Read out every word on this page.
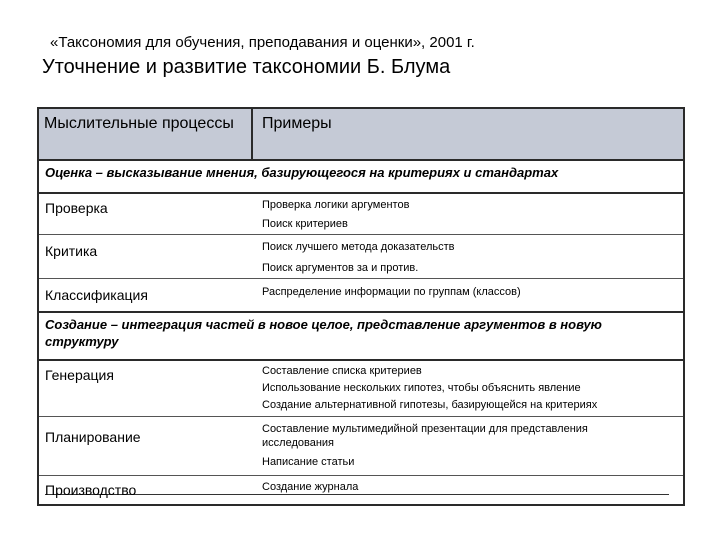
«Таксономия для обучения, преподавания и оценки», 2001 г.
Уточнение и развитие таксономии Б. Блума
Мыслительные процессы	Примеры
Оценка – высказывание мнения, базирующегося на критериях и стандартах
Проверка	Проверка логики аргументов
Поиск критериев
Критика	Поиск лучшего метода доказательств
Поиск аргументов за и против.
Классификация	Распределение информации по группам (классов)
Создание – интеграция частей в новое целое, представление аргументов в новую структуру
Генерация	Составление списка критериев
Использование нескольких гипотез, чтобы объяснить явление
Создание альтернативной гипотезы, базирующейся на критериях
Планирование	Составление мультимедийной презентации для представления исследования
Написание статьи
Производство	Создание журнала
